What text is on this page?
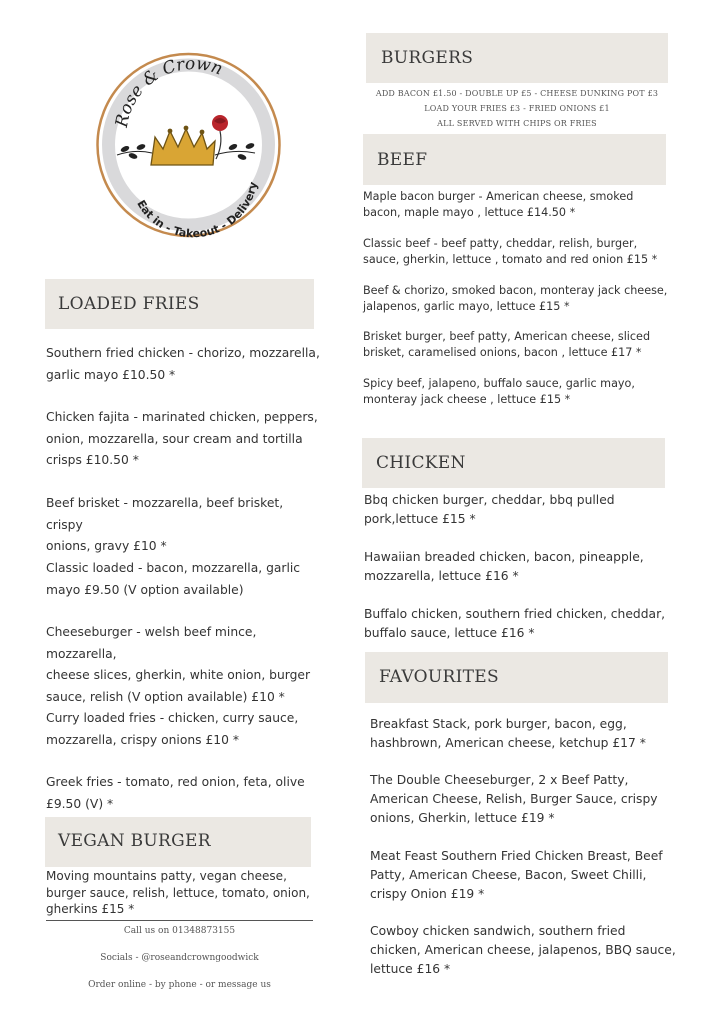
Rose & Crown
Eat in - Takeout - Delivery
LOADED FRIES
Southern fried chicken - chorizo, mozzarella,
garlic mayo £10.50 *
Chicken fajita - marinated chicken, peppers,
onion, mozzarella, sour cream and tortilla
crisps £10.50 *
Beef brisket - mozzarella, beef brisket, crispy
onions, gravy £10 *
Classic loaded - bacon, mozzarella, garlic
mayo £9.50 (V option available)
Cheeseburger - welsh beef mince, mozzarella,
cheese slices, gherkin, white onion, burger
sauce, relish (V option available) £10 *
Curry loaded fries - chicken, curry sauce,
mozzarella, crispy onions £10 *
Greek fries - tomato, red onion, feta, olive
£9.50 (V) *
VEGAN BURGER
Moving mountains patty, vegan cheese,
burger sauce, relish, lettuce, tomato, onion,
gherkins £15 *
Call us on 01348873155
Socials - @roseandcrowngoodwick
Order online - by phone - or message us
BURGERS
ADD BACON £1.50 - DOUBLE UP £5 - CHEESE DUNKING POT £3
LOAD YOUR FRIES £3 - FRIED ONIONS £1
ALL SERVED WITH CHIPS OR FRIES
BEEF
Maple bacon burger - American cheese, smoked
bacon, maple mayo , lettuce £14.50 *
Classic beef - beef patty, cheddar, relish, burger,
sauce, gherkin, lettuce , tomato and red onion £15 *
Beef & chorizo, smoked bacon, monteray jack cheese,
jalapenos, garlic mayo, lettuce £15 *
Brisket burger, beef patty, American cheese, sliced
brisket, caramelised onions, bacon , lettuce £17 *
Spicy beef, jalapeno, buffalo sauce, garlic mayo,
monteray jack cheese , lettuce £15 *
CHICKEN
Bbq chicken burger, cheddar, bbq pulled
pork,lettuce £15 *
Hawaiian breaded chicken, bacon, pineapple,
mozzarella, lettuce £16 *
Buffalo chicken, southern fried chicken, cheddar,
buffalo sauce, lettuce £16 *
FAVOURITES
Breakfast Stack, pork burger, bacon, egg,
hashbrown, American cheese, ketchup £17 *
The Double Cheeseburger, 2 x Beef Patty,
American Cheese, Relish, Burger Sauce, crispy
onions, Gherkin, lettuce £19 *
Meat Feast Southern Fried Chicken Breast, Beef
Patty, American Cheese, Bacon, Sweet Chilli,
crispy Onion £19 *
Cowboy chicken sandwich, southern fried
chicken, American cheese, jalapenos, BBQ sauce,
lettuce £16 *
